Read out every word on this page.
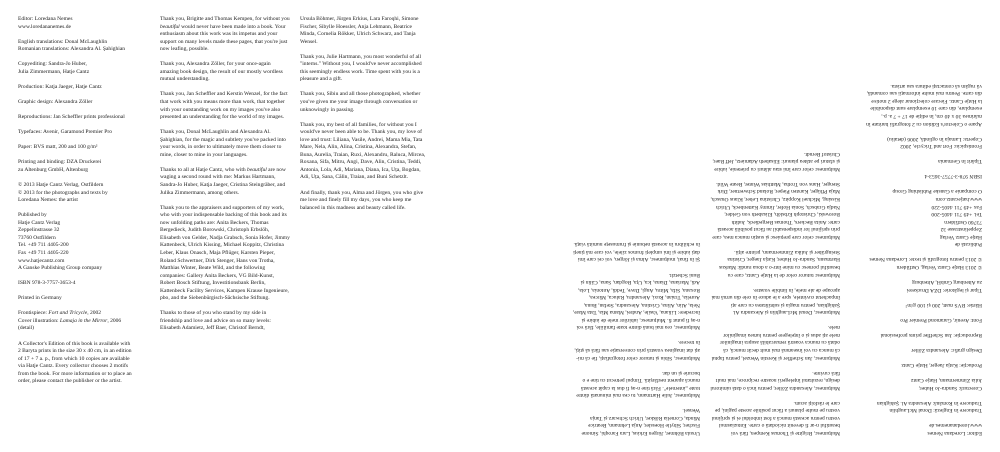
Editor: Loredana Nemes
www.loredananemes.de
English translations: Donal McLaughlin
Romanian translations: Alexandra Al. Şahighian
Copyediting: Sandra-Jo Huber,
Julia Zimmermann, Hatje Cantz
Production: Katja Jaeger, Hatje Cantz
Graphic design: Alexandra Zöller
Reproductions: Jan Scheffler prints professional
Typefaces: Avenir, Garamond Premier Pro
Paper: BVS matt, 200 and 100 g/m²
Printing and binding: DZA Druckerei
zu Altenburg GmbH, Altenburg
© 2013 Hatje Cantz Verlag, Ostfildern
© 2013 for the photographs and texts by
Loredana Nemes: the artist
Published by
Hatje Cantz Verlag
Zeppelinstrasse 32
73760 Ostfildern
Tel. +49 711 4405-200
Fax +49 711 4405-220
www.hatjecantz.com
A Ganske Publishing Group company
ISBN 978-3-7757-3653-4
Printed in Germany
Frontispiece: Fort and Tricycle, 2002
Cover illustration: Lamaja in the Mirror, 2006
(detail)

A Collector's Edition of this book is available with 2 Baryta prints in the size 30 x 40 cm, in an edition of 17 + 7 a. p., from which 10 copies are available via Hatje Cantz. Every collector chooses 2 motifs from the book. For more information or to place an order, please contact the publisher or the artist.

Thank you, Brigitte and Thomas Kempen, for without you beautiful would never have been made into a book. Your enthusiasm about this work was its impetus and your support on many levels made these pages, that you're just now leafing, possible.

Thank you, Alexandra Zöller, for your once-again amazing book design, the result of our mostly wordless mutual understanding.

Thank you, Jan Scheffler and Kerstin Wenzel, for the fact that work with you means more than work, that together with your outstanding work on my images you've also presented an understanding for the world of my images.

Thank you, Donal McLaughlin and Alexandra Al. Şahighian, for the magic and subtlety you've packed into your words, in order to ultimately move them closer to mine, closer to mine in your languages.

Thanks to all at Hatje Cantz, who with beautiful are now waging a second round with me: Markus Hartmann, Sandra-Jo Huber, Katja Jaeger, Cristina Steingräber, and Julika Zimmermann, among others.

Thank you to the appraisers and supporters of my work, who with your indispensable backing of this book and its now unfolding paths are: Anita Beckers, Thomas Bergedieck, Judith Borowski, Christoph Erbslöh, Elisabeth von Gelder, Nadja Grabsch, Sonia Hofer, Jimmy Kattenbeck, Ulrich Kissing, Michael Koppitz, Christina Leber, Klaus Onasch, Maja Pflüger, Karsten Pieper, Roland Schwertner, Dirk Stenger, Hans von Trotha, Matthias Winter, Beate Wild, and the following companies: Gallery Anita Beckers, VG Bild-Kunst, Robert Bosch Stiftung, Investitionsbank Berlin, Kattenbeck Facility Services, Kampen Krause Ingenieure, pbo, and the Siebenbürgisch-Sächsische Stiftung.

Thanks to those of you who stand by my side in friendship and love and advice on so many levels: Elisabeth Adamietz, Jeff Baer, Christof Berndt,

Ursula Böhmer, Jürgen Erkius, Lara Faroqhi, Simone Fischer, Sibylle Hoessler, Anja Lehmann, Beatrice Minda, Cornelia Rökker, Ulrich Schwarz, and Tanja Wensel.

Thank you, Julie Hartmann, you most wonderful of all "interns." Without you, I would've never accomplished this seemingly endless work. Time spent with you is a pleasure and a gift.

Thank you, Sibiu and all those photographed, whether you've given me your image through conversation or unknowingly in passing.

Thank you, my best of all families, for without you I would've never been able to be. Thank you, my love of love and trust: Liliana, Vasile, Andrei, Mama Mia, Tata Mare, Nela, Alin, Alina, Cristina, Alexandra, Stefan, Buna, Aurelia, Traian, Ruxi, Alexandru, Ralucа, Mircea, Roxana, Sifa, Mitru, Angi, Dave, Alin, Cristina, Teddi, Antonia, Lola, Adi, Mariana, Diana, Ica, Uța, Bogdan, Adi, Uța, Sana, Călin, Traian, and Buni Schetzlt.

And finally, thank you, Alma and Jörgen, you who give me love and finely fill my days, you who keep me balanced in this madness and beauty called life.

Editor: Loredana Nemes
www.loredananemes.de
Traducere în Engleză: Donal McLaughlin
Traducere în Română: Alexandra Al. Şahighian
Corectură: Sandra-Jo Huber,
Julia Zimmermann, Hatje Cantz
Producție: Katja Jaeger, Hatje Cantz
Design grafic: Alexandra Zöller
Reproducție: Jan Scheffler prints professional
Font: Avenir, Garamond Premier Pro
Hârtie: BVS matt, 200 și 100 g/m²
Tipar și legătorie: DZA Druckerei
zu Altenburg GmbH, Altenburg
© 2013 Hatje Cantz Verlag, Ostfildern
© 2013 pentru fotografii și texte: Loredana Nemes
Publicată de
Hatje Cantz Verlag
Zeppelinstrasse 32
73760 Ostfildern
Tel. +49 711 4405-200
Fax +49 711 4405-220
www.hatjecantz.com
O companie a Ganske Publishing Group
ISBN 978-3-7757-3653-4
Tipărit în Germania
Frontispiciu: Fort and Tricycle, 2002
Coperta: Lamaja în oglindă, 2006 (detaliu)

Apare o Colector's Edition cu 2 fotografii baritate în mărimea 30 x 40 cm, în ediție de 17 + 7 a. p., exemplare, din care 10 exemplare sunt disponibile la Hatje Cantz. Fiecare colecționar alege 2 motive din carte. Pentru mai multe informații sau comandă, vă rugăm să contactați editura sau artista.

Mulțumesc, Brigitte și Thomas Kempen, fără voi beautiful n-ar fi devenit niciodată o carte. Entuziasmul vostru pentru această muncă a fost imboldul ei și sprijinul vostru pe multe planuri a făcut posibile aceste pagini, pe care le răsfoiți acum.

Mulțumesc, Alexandra Zöller, pentru încă o dată uimitorul design, rezultatul înțelegerii noastre reciproce, mai mult fără cuvinte.

Mulțumesc, Jan Scheffler și Kerstin Wenzel, pentru faptul că munca cu voi înseamnă mai mult decât muncă, că odată cu munca voastră remarcabilă asupra imaginilor mele ați adus și o înțelegere pentru lumea imaginilor mele.

Mulțumesc, Donal McLaughlin și Alexandra Al. Şahighian, pentru magia și subtilitatea cu care ați împachetat cuvintele, spre a le aduce în cele din urmă mai aproape de ale mele, în limbile voastre.

Mulțumesc tuturor celor de la Hatje Cantz, care cu beautiful pornesc cu mine într-o a doua rundă: Markus Hartmann, Sandra-Jo Huber, Katja Jaeger, Cristina Steingräber și Julika Zimmermann, printre alții.

Mulțumesc celor care prețuiesc și susțin munca mea, care prin sprijinul lor indispensabil au făcut posibilă această carte: Anita Beckers, Thomas Bergedieck, Judith Borowski, Christoph Erbslöh, Elisabeth von Gelder, Nadja Grabsch, Sonia Hofer, Jimmy Kattenbeck, Ulrich Kissing, Michael Koppitz, Christina Leber, Klaus Onasch, Maja Pflüger, Karsten Pieper, Roland Schwertner, Dirk Stenger, Hans von Trotha, Matthias Winter, Beate Wild.

Mulțumesc celor care îmi stau alături cu prietenie, iubire și sfaturi pe atâtea planuri: Elisabeth Adamietz, Jeff Baer, Christof Berndt.

Ursula Böhmer, Jürgen Erkius, Lara Faroqhi, Simone Fischer, Sibylle Hoessler, Anja Lehmann, Beatrice Minda, Cornelia Rökker, Ulrich Schwarz și Tanja Wensel.

Mulțumesc, Julie Hartmann, tu cea mai minunată dintre toate „internele". Fără tine n-aș fi dus la capăt această muncă aparent nesfârșită. Timpul petrecut cu tine e o bucurie și un dar.

Mulțumesc, Sibiu și tuturor celor fotografiați, fie că mi-ați dat imaginea voastră prin conversație sau fără să știți, în trecere.

Mulțumesc, cea mai bună dintre toate familiile, fără voi n-aș fi putut fi. Mulțumesc, iubirilor mele de iubire și încredere: Liliana, Vasile, Andrei, Mama Mia, Tata Mare, Nela, Alin, Alina, Cristina, Alexandra, Stefan, Buna, Aurelia, Traian, Ruxi, Alexandru, Raluca, Mircea, Roxana, Sifa, Mitru, Angi, Dave, Teddi, Antonia, Lola, Adi, Mariana, Diana, Ica, Uța, Bogdan, Sana, Călin și Buni Schetzlt.

Și în final, mulțumesc, Alma și Jörgen, voi cei care îmi dați iubire și îmi umpleți frumos zilele, voi care mă țineți în echilibru în această nebunie și frumusețe numită viață.
